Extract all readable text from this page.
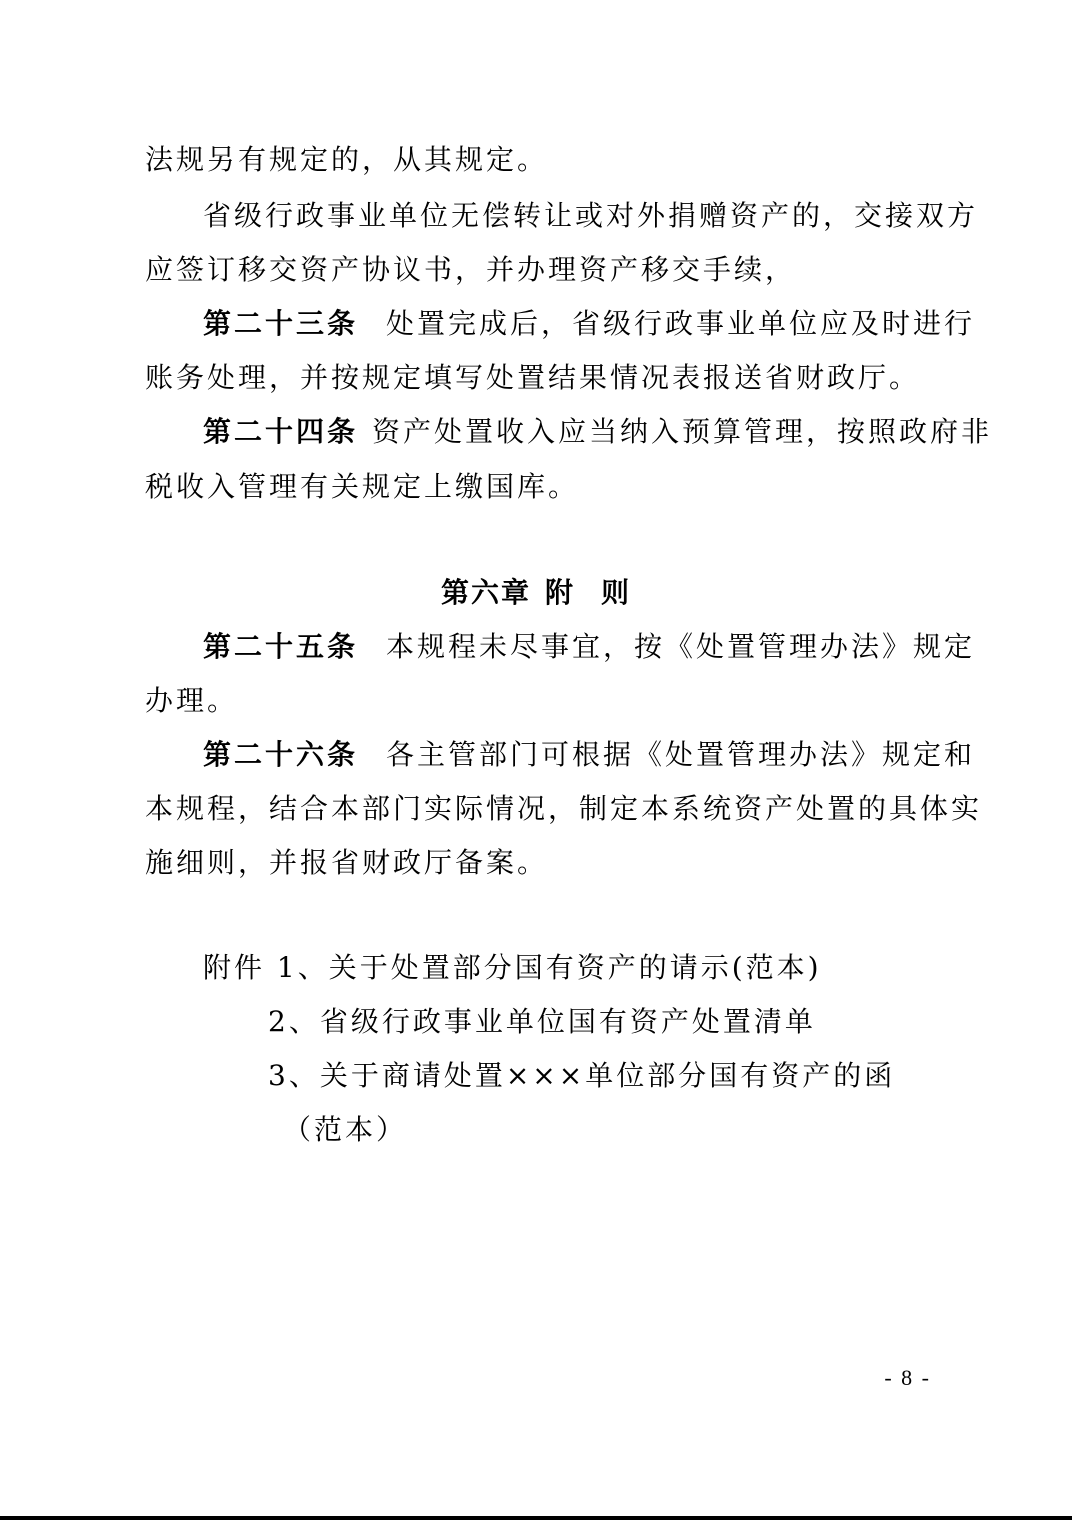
法规另有规定的，从其规定。
省级行政事业单位无偿转让或对外捐赠资产的，交接双方
应签订移交资产协议书，并办理资产移交手续，
第二十三条 处置完成后，省级行政事业单位应及时进行
账务处理，并按规定填写处置结果情况表报送省财政厅。
第二十四条 资产处置收入应当纳入预算管理，按照政府非
税收入管理有关规定上缴国库。
第六章 附 则
第二十五条 本规程未尽事宜，按《处置管理办法》规定
办理。
第二十六条 各主管部门可根据《处置管理办法》规定和
本规程，结合本部门实际情况，制定本系统资产处置的具体实
施细则，并报省财政厅备案。
附件 1、关于处置部分国有资产的请示(范本)
2、省级行政事业单位国有资产处置清单
3、关于商请处置×××单位部分国有资产的函
（范本）
- 8 -
